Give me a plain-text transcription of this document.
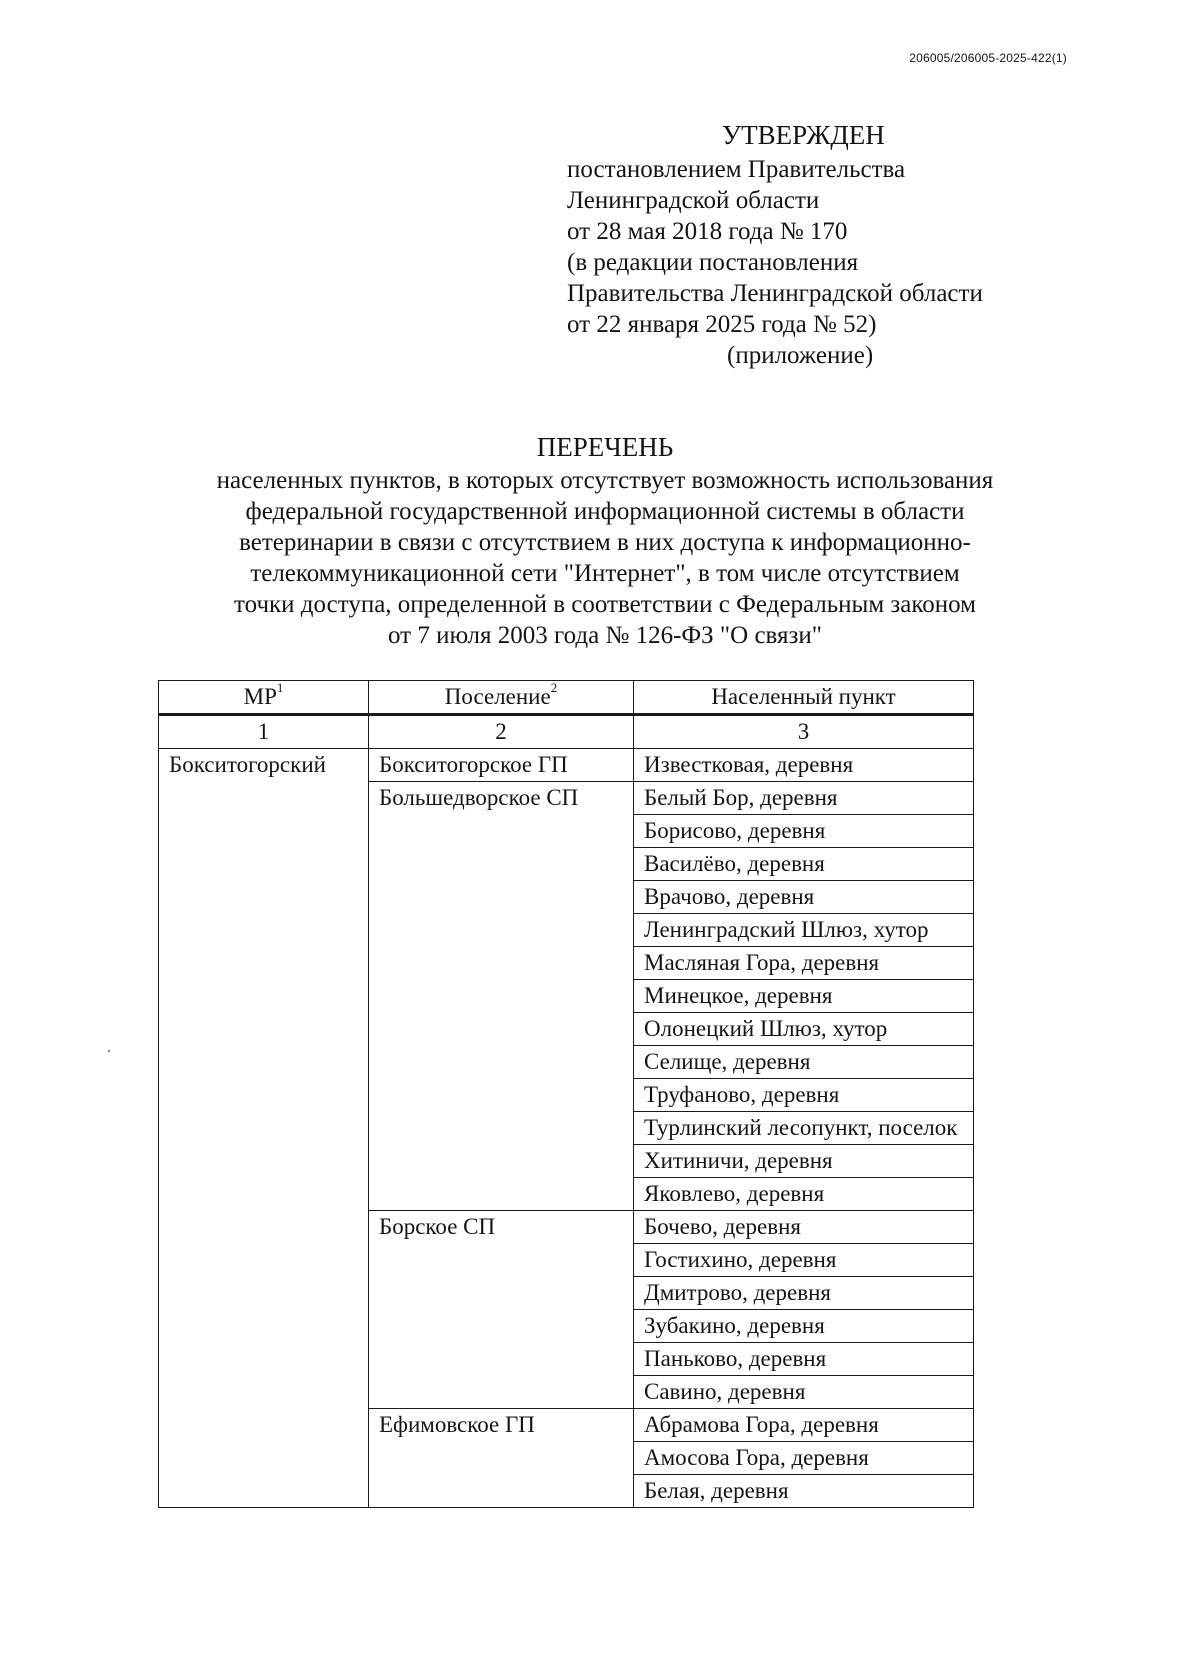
206005/206005-2025-422(1)
УТВЕРЖДЕН
постановлением Правительства
Ленинградской области
от 28 мая 2018 года № 170
(в редакции постановления
Правительства Ленинградской области
от 22 января 2025 года № 52)
(приложение)
ПЕРЕЧЕНЬ
населенных пунктов, в которых отсутствует возможность использования
федеральной государственной информационной системы в области
ветеринарии в связи с отсутствием в них доступа к информационно-
телекоммуникационной сети "Интернет", в том числе отсутствием
точки доступа, определенной в соответствии с Федеральным законом
от 7 июля 2003 года № 126-ФЗ "О связи"
$МР^1$	Поселение$^2$	Населенный пункт
1	2	3
Бокситогорский	Бокситогорское ГП	Известковая, деревня
	Большедворское СП	Белый Бор, деревня
		Борисово, деревня
		Василёво, деревня
		Врачово, деревня
		Ленинградский Шлюз, хутор
		Масляная Гора, деревня
		Минецкое, деревня
		Олонецкий Шлюз, хутор
		Селище, деревня
		Труфаново, деревня
		Турлинский лесопункт, поселок
		Хитиничи, деревня
		Яковлево, деревня
	Борское СП	Бочево, деревня
		Гостихино, деревня
		Дмитрово, деревня
		Зубакино, деревня
		Паньково, деревня
		Савино, деревня
	Ефимовское ГП	Абрамова Гора, деревня
		Амосова Гора, деревня
		Белая, деревня
